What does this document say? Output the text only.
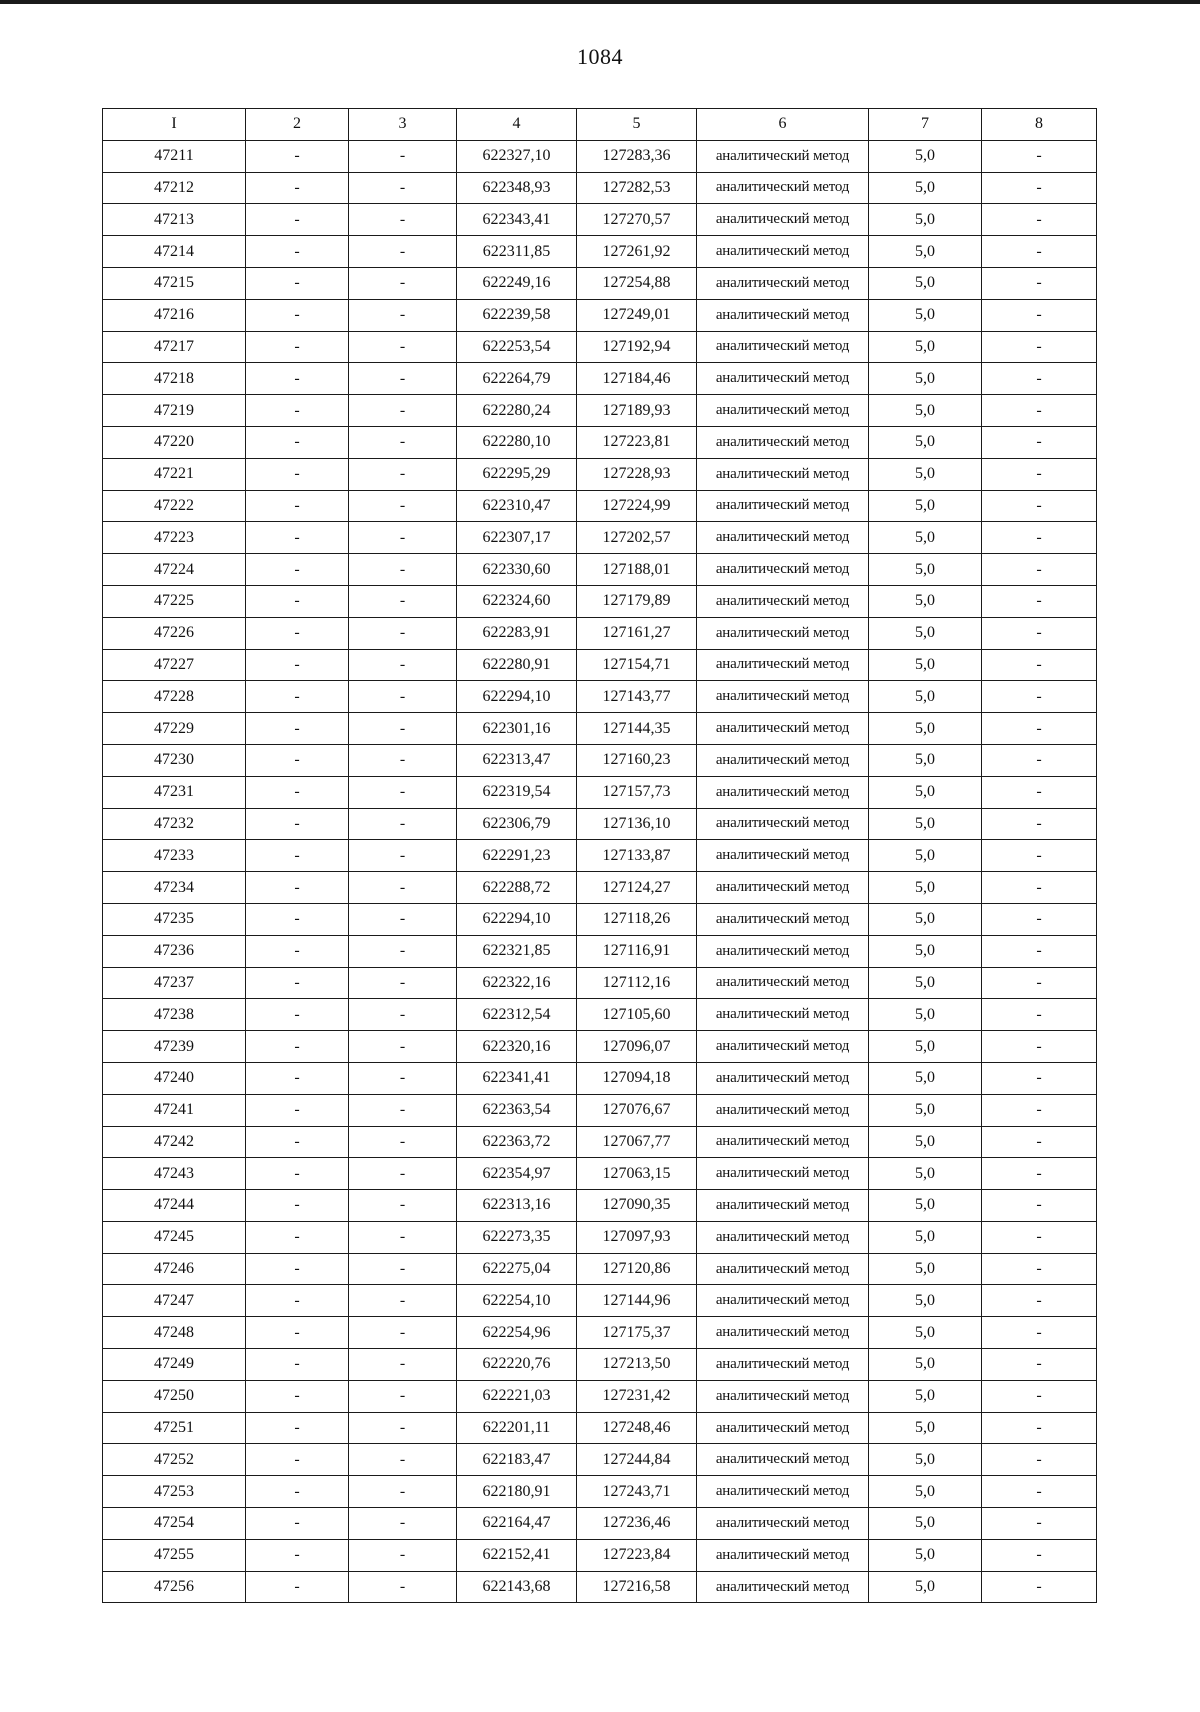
1084
I	2	3	4	5	6	7	8
47211	-	-	622327,10	127283,36	аналитический метод	5,0	-
47212	-	-	622348,93	127282,53	аналитический метод	5,0	-
47213	-	-	622343,41	127270,57	аналитический метод	5,0	-
47214	-	-	622311,85	127261,92	аналитический метод	5,0	-
47215	-	-	622249,16	127254,88	аналитический метод	5,0	-
47216	-	-	622239,58	127249,01	аналитический метод	5,0	-
47217	-	-	622253,54	127192,94	аналитический метод	5,0	-
47218	-	-	622264,79	127184,46	аналитический метод	5,0	-
47219	-	-	622280,24	127189,93	аналитический метод	5,0	-
47220	-	-	622280,10	127223,81	аналитический метод	5,0	-
47221	-	-	622295,29	127228,93	аналитический метод	5,0	-
47222	-	-	622310,47	127224,99	аналитический метод	5,0	-
47223	-	-	622307,17	127202,57	аналитический метод	5,0	-
47224	-	-	622330,60	127188,01	аналитический метод	5,0	-
47225	-	-	622324,60	127179,89	аналитический метод	5,0	-
47226	-	-	622283,91	127161,27	аналитический метод	5,0	-
47227	-	-	622280,91	127154,71	аналитический метод	5,0	-
47228	-	-	622294,10	127143,77	аналитический метод	5,0	-
47229	-	-	622301,16	127144,35	аналитический метод	5,0	-
47230	-	-	622313,47	127160,23	аналитический метод	5,0	-
47231	-	-	622319,54	127157,73	аналитический метод	5,0	-
47232	-	-	622306,79	127136,10	аналитический метод	5,0	-
47233	-	-	622291,23	127133,87	аналитический метод	5,0	-
47234	-	-	622288,72	127124,27	аналитический метод	5,0	-
47235	-	-	622294,10	127118,26	аналитический метод	5,0	-
47236	-	-	622321,85	127116,91	аналитический метод	5,0	-
47237	-	-	622322,16	127112,16	аналитический метод	5,0	-
47238	-	-	622312,54	127105,60	аналитический метод	5,0	-
47239	-	-	622320,16	127096,07	аналитический метод	5,0	-
47240	-	-	622341,41	127094,18	аналитический метод	5,0	-
47241	-	-	622363,54	127076,67	аналитический метод	5,0	-
47242	-	-	622363,72	127067,77	аналитический метод	5,0	-
47243	-	-	622354,97	127063,15	аналитический метод	5,0	-
47244	-	-	622313,16	127090,35	аналитический метод	5,0	-
47245	-	-	622273,35	127097,93	аналитический метод	5,0	-
47246	-	-	622275,04	127120,86	аналитический метод	5,0	-
47247	-	-	622254,10	127144,96	аналитический метод	5,0	-
47248	-	-	622254,96	127175,37	аналитический метод	5,0	-
47249	-	-	622220,76	127213,50	аналитический метод	5,0	-
47250	-	-	622221,03	127231,42	аналитический метод	5,0	-
47251	-	-	622201,11	127248,46	аналитический метод	5,0	-
47252	-	-	622183,47	127244,84	аналитический метод	5,0	-
47253	-	-	622180,91	127243,71	аналитический метод	5,0	-
47254	-	-	622164,47	127236,46	аналитический метод	5,0	-
47255	-	-	622152,41	127223,84	аналитический метод	5,0	-
47256	-	-	622143,68	127216,58	аналитический метод	5,0	-
